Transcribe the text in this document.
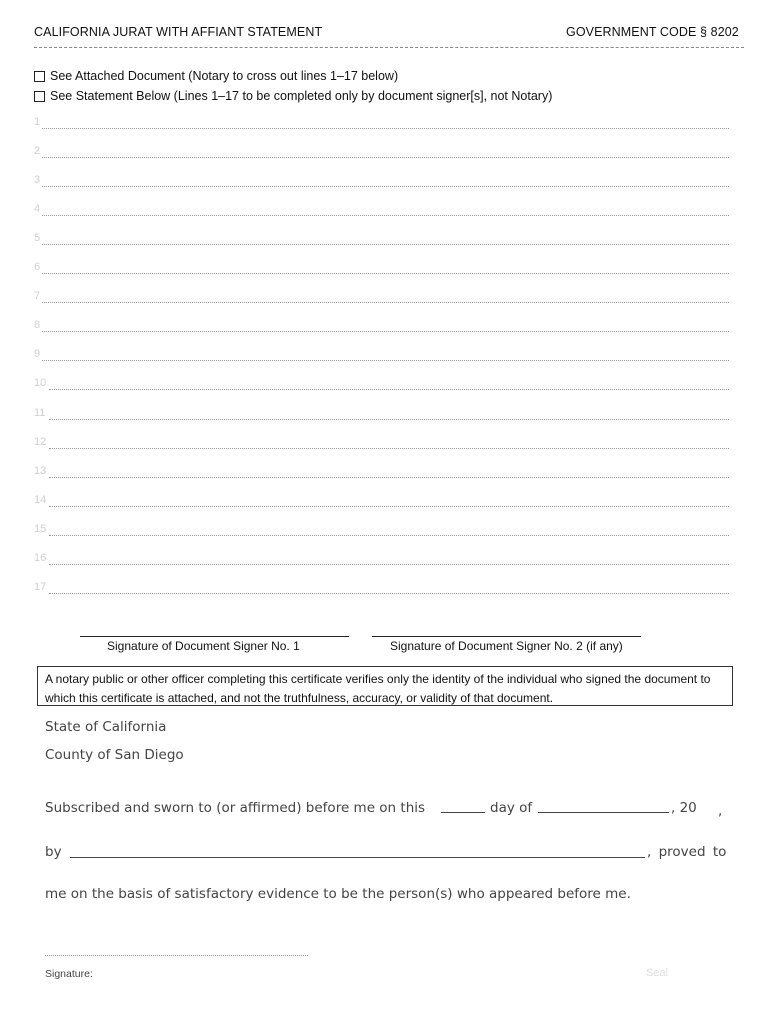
CALIFORNIA JURAT WITH AFFIANT STATEMENT	GOVERNMENT CODE § 8202
See Attached Document (Notary to cross out lines 1–17 below)
See Statement Below (Lines 1–17 to be completed only by document signer[s], not Notary)
1
2
3
4
5
6
7
8
9
10
11
12
13
14
15
16
17
Signature of Document Signer No. 1	Signature of Document Signer No. 2 (if any)
A notary public or other officer completing this certificate verifies only the identity of the individual who signed the document to which this certificate is attached, and not the truthfulness, accuracy, or validity of that document.
State of California
County of San Diego
Subscribed and sworn to (or affirmed) before me on this	day of	, 20 ,
by	, proved to
me on the basis of satisfactory evidence to be the person(s) who appeared before me.
Signature:	Seal
